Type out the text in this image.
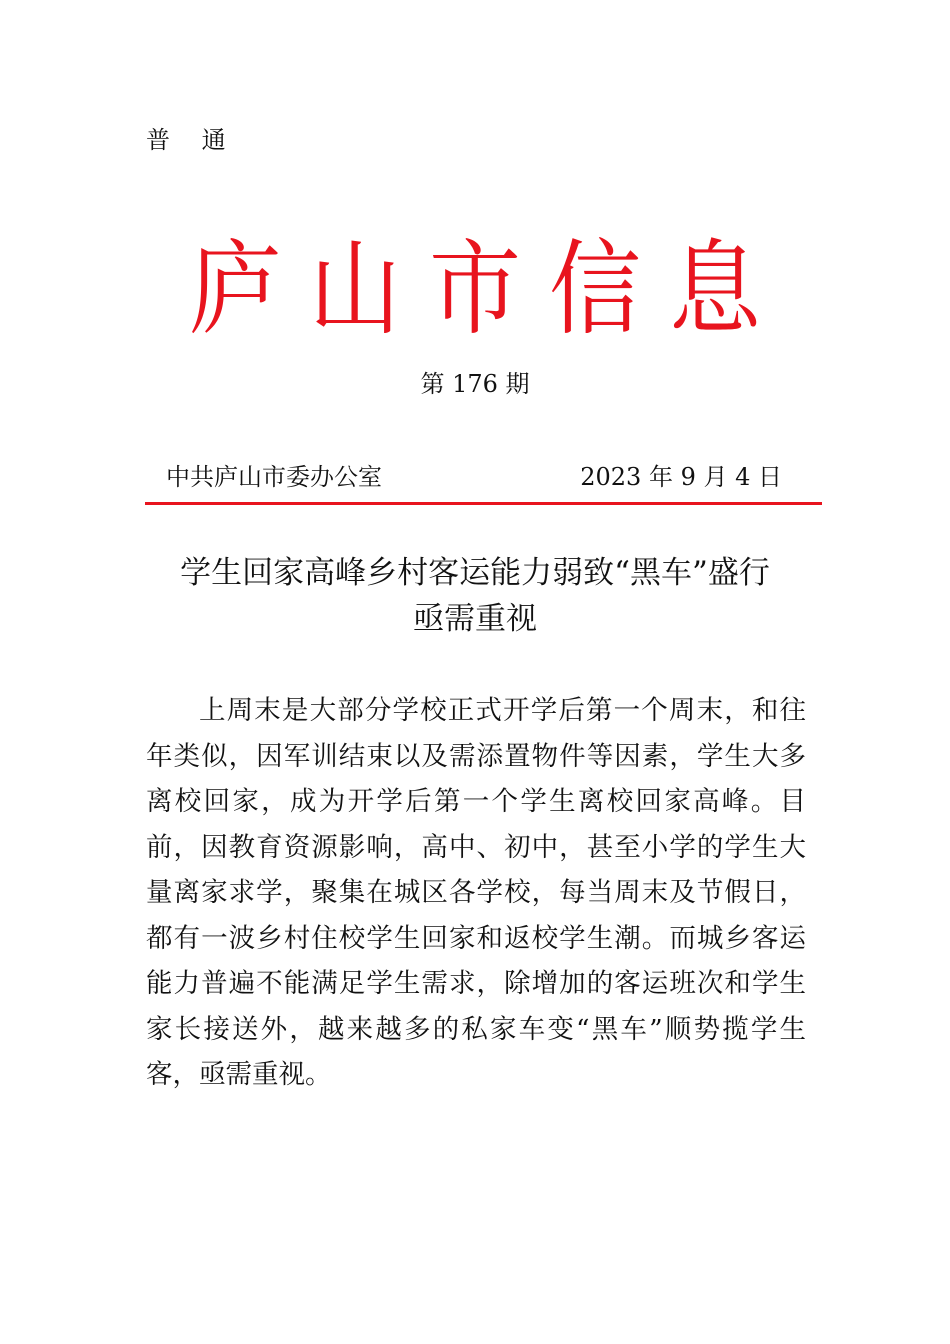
普 通
庐山市信息
第 176 期
中共庐山市委办公室	2023 年 9 月 4 日
学生回家高峰乡村客运能力弱致“黑车”盛行
亟需重视

上周末是大部分学校正式开学后第一个周末，和往年类似，因军训结束以及需添置物件等因素，学生大多离校回家，成为开学后第一个学生离校回家高峰。目前，因教育资源影响，高中、初中，甚至小学的学生大量离家求学，聚集在城区各学校，每当周末及节假日，都有一波乡村住校学生回家和返校学生潮。而城乡客运能力普遍不能满足学生需求，除增加的客运班次和学生家长接送外，越来越多的私家车变“黑车”顺势揽学生客，亟需重视。
